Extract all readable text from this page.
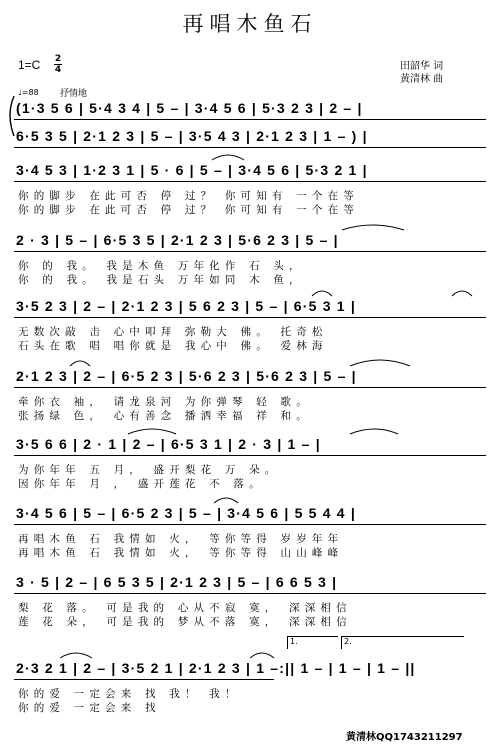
再唱木鱼石
1=C 2
4	田韶华 词
黄清林 曲
♩=88 抒情地
(1·3 5 6 | 5·4 3 4 | 5 – | 3·4 5 6 | 5·3 2 3 | 2 – |
6·5 3 5 | 2·1 2 3 | 5 – | 3·5 4 3 | 2·1 2 3 | 1 – ) |
3·4 5 3 | 1·2 3 1 | 5 · 6 | 5 – | 3·4 5 6 | 5·3 2 1 |
你的脚步 在此可否 停 过？ 你可知有 一个在等
你的脚步 在此可否 停 过？ 你可知有 一个在等
2 · 3 | 5 – | 6·5 3 5 | 2·1 2 3 | 5·6 2 3 | 5 – |
你 的 我。 我是木鱼 万年化作 石 头，
你 的 我。 我是石头 万年如同 木 鱼，
3·5 2 3 | 2 – | 2·1 2 3 | 5 6 2 3 | 5 – | 6·5 3 1 |
无数次敲 击 心中叩拜 弥勒大 佛。 托奇松
石头在歌 唱 唱你就是 我心中 佛。 爱林海
2·1 2 3 | 2 – | 6·5 2 3 | 5·6 2 3 | 5·6 2 3 | 5 – |
牵你衣 袖， 请龙泉河 为你弹琴 轻 歌。
张扬绿 色， 心有善念 播洒幸福 祥 和。
3·5 6 6 | 2 · 1 | 2 – | 6·5 3 1 | 2 · 3 | 1 – |
为你年年 五 月， 盛开梨花 万 朵。
因你年年 月 ， 盛开莲花 不 落。
3·4 5 6 | 5 – | 6·5 2 3 | 5 – | 3·4 5 6 | 5 5 4 4 |
再唱木鱼 石 我情如 火， 等你等得 岁岁年年
再唱木鱼 石 我情如 火， 等你等得 山山峰峰
3 · 5 | 2 – | 6 5 3 5 | 2·1 2 3 | 5 – | 6 6 5 3 |
梨 花 落。 可是我的 心从不寂 寞， 深深相信
莲 花 朵， 可是我的 梦从不落 寞， 深深相信
2·3 2 1 | 2 – | 3·5 2 1 | 2·1 2 3 | 1 –:|| 1 – | 1 – | 1 – ||
你的爱 一定会来 找 我！ 我！
你的爱 一定会来 找
1.	2.
黄清林QQ1743211297
